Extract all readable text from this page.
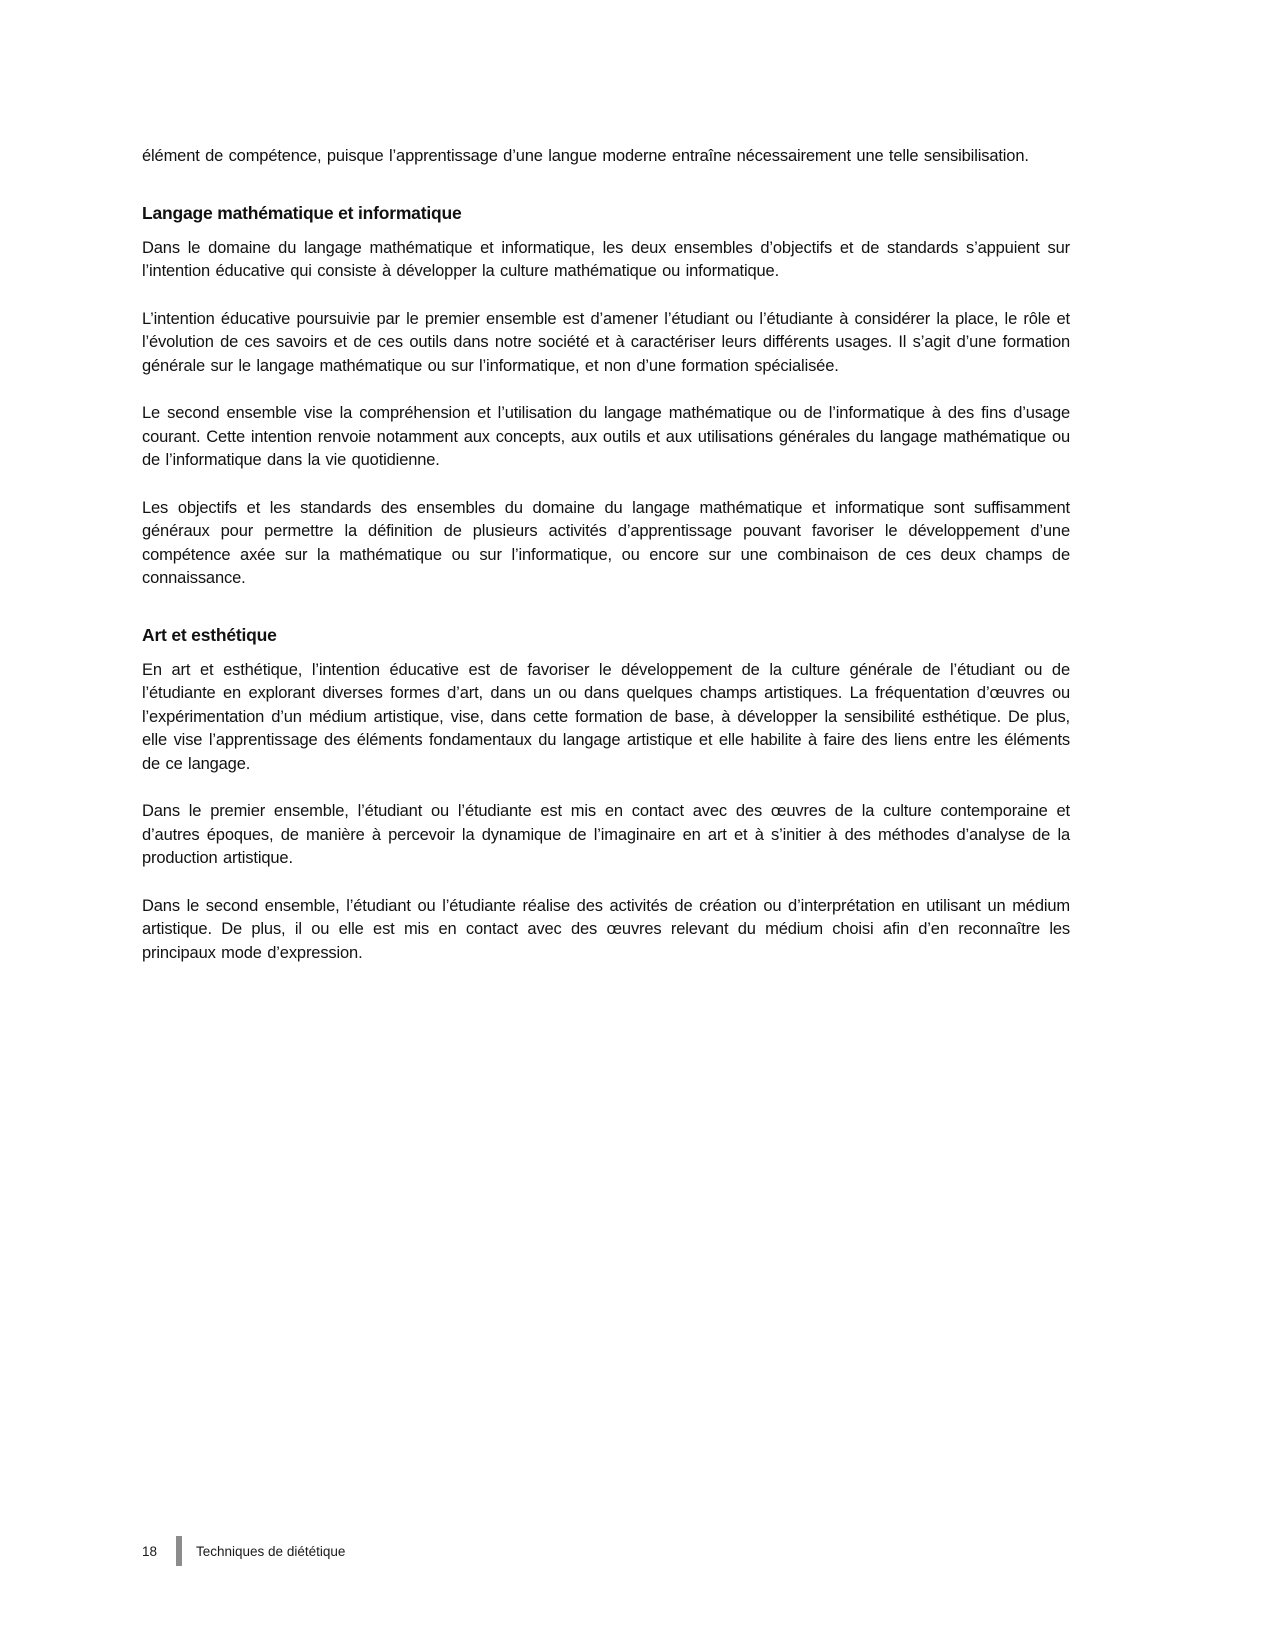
élément de compétence, puisque l’apprentissage d’une langue moderne entraîne nécessairement une telle sensibilisation.

Langage mathématique et informatique

Dans le domaine du langage mathématique et informatique, les deux ensembles d’objectifs et de standards s’appuient sur l’intention éducative qui consiste à développer la culture mathématique ou informatique.

L’intention éducative poursuivie par le premier ensemble est d’amener l’étudiant ou l’étudiante à considérer la place, le rôle et l’évolution de ces savoirs et de ces outils dans notre société et à caractériser leurs différents usages. Il s’agit d’une formation générale sur le langage mathématique ou sur l’informatique, et non d’une formation spécialisée.

Le second ensemble vise la compréhension et l’utilisation du langage mathématique ou de l’informatique à des fins d’usage courant. Cette intention renvoie notamment aux concepts, aux outils et aux utilisations générales du langage mathématique ou de l’informatique dans la vie quotidienne.

Les objectifs et les standards des ensembles du domaine du langage mathématique et informatique sont suffisamment généraux pour permettre la définition de plusieurs activités d’apprentissage pouvant favoriser le développement d’une compétence axée sur la mathématique ou sur l’informatique, ou encore sur une combinaison de ces deux champs de connaissance.

Art et esthétique

En art et esthétique, l’intention éducative est de favoriser le développement de la culture générale de l’étudiant ou de l’étudiante en explorant diverses formes d’art, dans un ou dans quelques champs artistiques. La fréquentation d’œuvres ou l’expérimentation d’un médium artistique, vise, dans cette formation de base, à développer la sensibilité esthétique. De plus, elle vise l’apprentissage des éléments fondamentaux du langage artistique et elle habilite à faire des liens entre les éléments de ce langage.

Dans le premier ensemble, l’étudiant ou l’étudiante est mis en contact avec des œuvres de la culture contemporaine et d’autres époques, de manière à percevoir la dynamique de l’imaginaire en art et à s’initier à des méthodes d’analyse de la production artistique.

Dans le second ensemble, l’étudiant ou l’étudiante réalise des activités de création ou d’interprétation en utilisant un médium artistique. De plus, il ou elle est mis en contact avec des œuvres relevant du médium choisi afin d’en reconnaître les principaux mode d’expression.

18	Techniques de diététique
